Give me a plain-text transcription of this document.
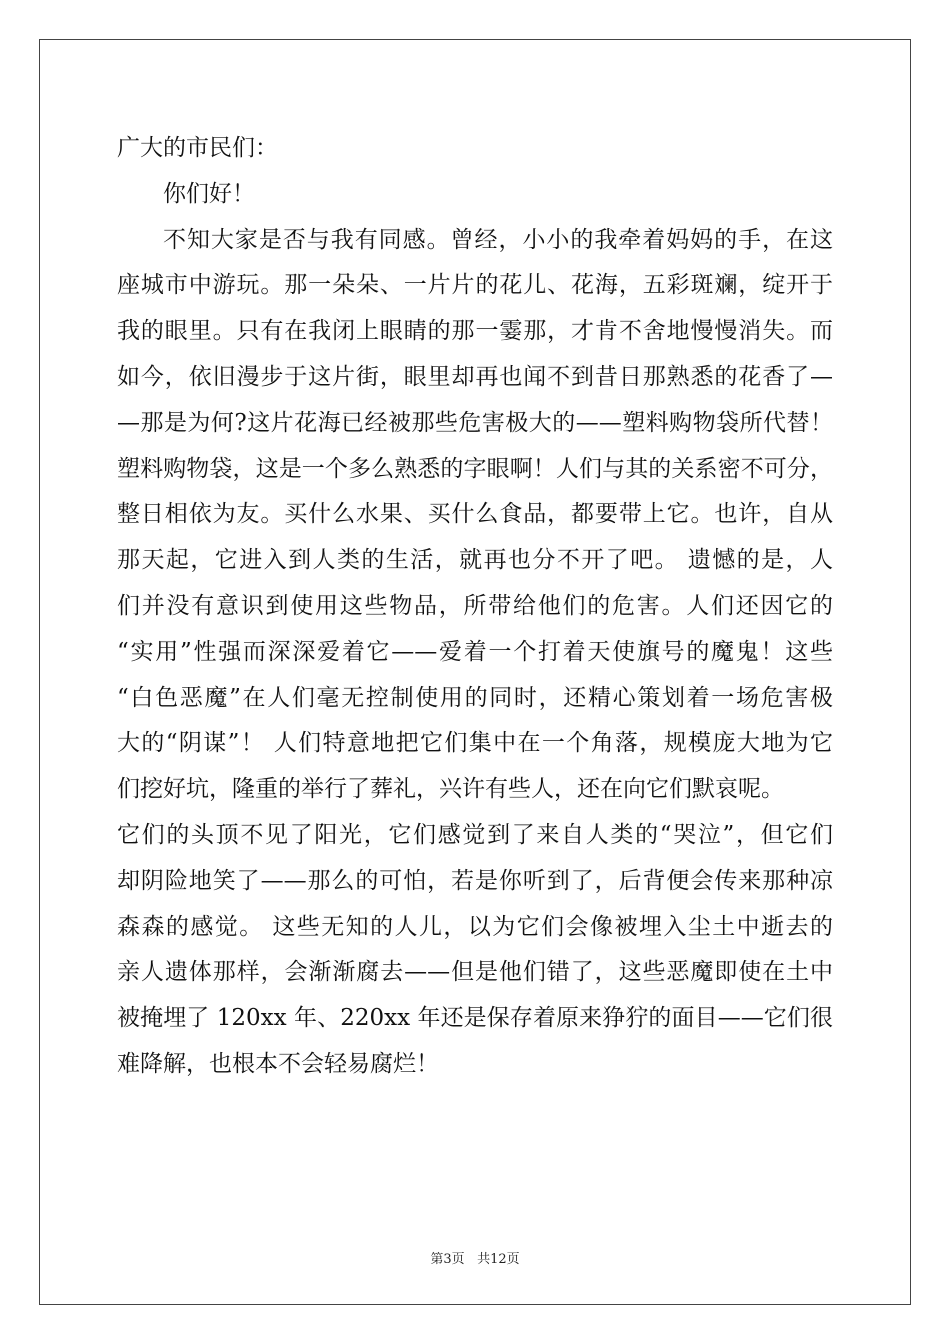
广大的市民们：
你们好！
不知大家是否与我有同感。曾经，小小的我牵着妈妈的手，在这
座城市中游玩。那一朵朵、一片片的花儿、花海，五彩斑斓，绽开于
我的眼里。只有在我闭上眼睛的那一霎那，才肯不舍地慢慢消失。而
如今，依旧漫步于这片街，眼里却再也闻不到昔日那熟悉的花香了—
—那是为何?这片花海已经被那些危害极大的——塑料购物袋所代替！
塑料购物袋，这是一个多么熟悉的字眼啊！人们与其的关系密不可分，
整日相依为友。买什么水果、买什么食品，都要带上它。也许，自从
那天起，它进入到人类的生活，就再也分不开了吧。 遗憾的是，人
们并没有意识到使用这些物品，所带给他们的危害。人们还因它的
“实用”性强而深深爱着它——爱着一个打着天使旗号的魔鬼！这些
“白色恶魔”在人们毫无控制使用的同时，还精心策划着一场危害极
大的“阴谋”！ 人们特意地把它们集中在一个角落，规模庞大地为它
们挖好坑，隆重的举行了葬礼，兴许有些人，还在向它们默哀呢。
它们的头顶不见了阳光，它们感觉到了来自人类的“哭泣”，但它们
却阴险地笑了——那么的可怕，若是你听到了，后背便会传来那种凉
森森的感觉。 这些无知的人儿，以为它们会像被埋入尘土中逝去的
亲人遗体那样，会渐渐腐去——但是他们错了，这些恶魔即使在土中
被掩埋了 120xx 年、220xx 年还是保存着原来狰狞的面目——它们很
难降解，也根本不会轻易腐烂！
第3页 共12页
